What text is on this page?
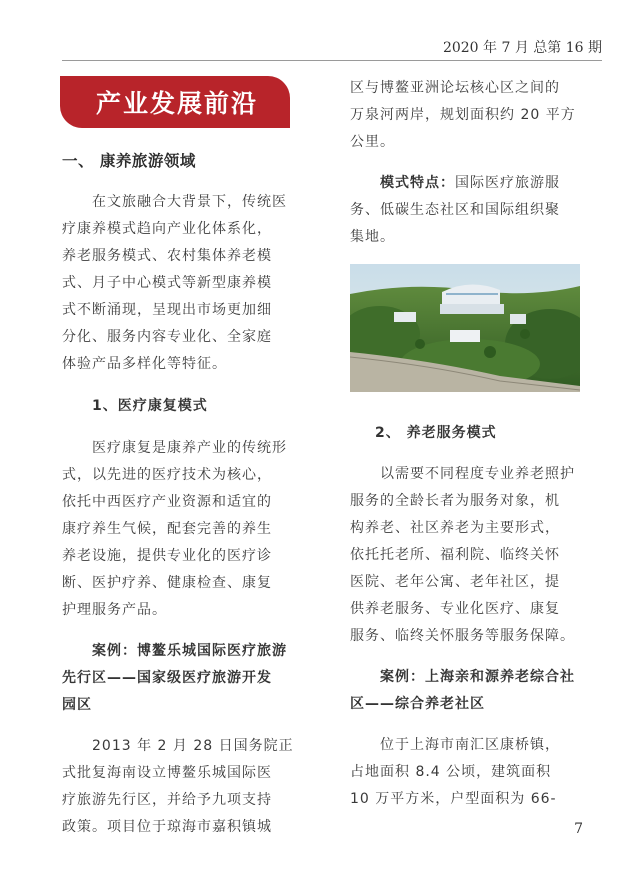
2020 年 7 月 总第 16 期
产业发展前沿

一、 康养旅游领域

　　在文旅融合大背景下，传统医

疗康养模式趋向产业化体系化，

养老服务模式、农村集体养老模

式、月子中心模式等新型康养模

式不断涌现，呈现出市场更加细

分化、服务内容专业化、全家庭

体验产品多样化等特征。

　　1、医疗康复模式

　　医疗康复是康养产业的传统形

式，以先进的医疗技术为核心，

依托中西医疗产业资源和适宜的

康疗养生气候，配套完善的养生

养老设施，提供专业化的医疗诊

断、医护疗养、健康检查、康复

护理服务产品。

　　案例：博鳌乐城国际医疗旅游

先行区——国家级医疗旅游开发

园区

　　2013 年 2 月 28 日国务院正

式批复海南设立博鳌乐城国际医

疗旅游先行区，并给予九项支持

政策。项目位于琼海市嘉积镇城

区与博鳌亚洲论坛核心区之间的

万泉河两岸，规划面积约 20 平方

公里。

　　模式特点：国际医疗旅游服

务、低碳生态社区和国际组织聚

集地。

2、 养老服务模式

　　以需要不同程度专业养老照护

服务的全龄长者为服务对象，机

构养老、社区养老为主要形式，

依托托老所、福利院、临终关怀

医院、老年公寓、老年社区，提

供养老服务、专业化医疗、康复

服务、临终关怀服务等服务保障。

　　案例：上海亲和源养老综合社

区——综合养老社区

　　位于上海市南汇区康桥镇，

占地面积 8.4 公顷，建筑面积

10 万平方米，户型面积为 66-

7
